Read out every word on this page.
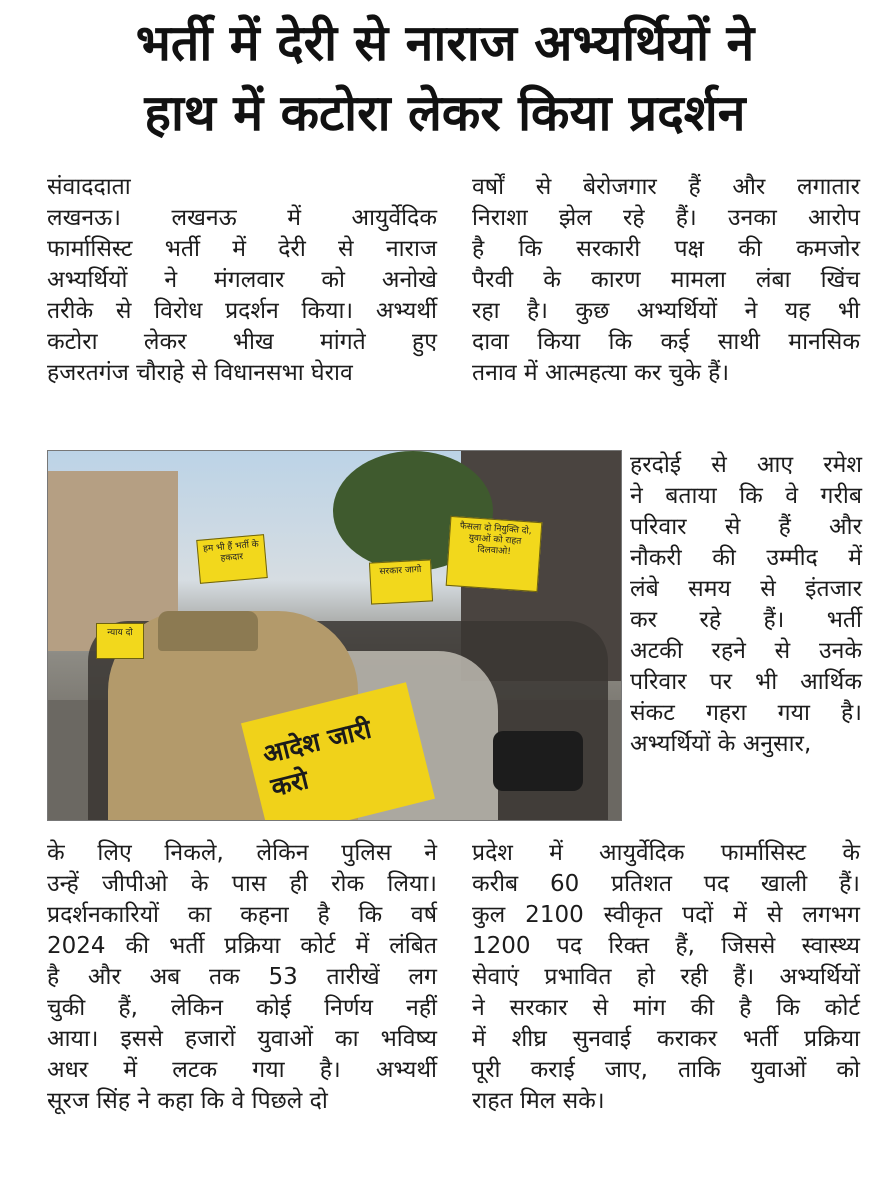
भर्ती में देरी से नाराज अभ्यर्थियों ने
हाथ में कटोरा लेकर किया प्रदर्शन
संवाददाता
लखनऊ। लखनऊ में आयुर्वेदिक
फार्मासिस्ट भर्ती में देरी से नाराज
अभ्यर्थियों ने मंगलवार को अनोखे
तरीके से विरोध प्रदर्शन किया। अभ्यर्थी
कटोरा लेकर भीख मांगते हुए
हजरतगंज चौराहे से विधानसभा घेराव
वर्षों से बेरोजगार हैं और लगातार
निराशा झेल रहे हैं। उनका आरोप
है कि सरकारी पक्ष की कमजोर
पैरवी के कारण मामला लंबा खिंच
रहा है। कुछ अभ्यर्थियों ने यह भी
दावा किया कि कई साथी मानसिक
तनाव में आत्महत्या कर चुके हैं।
हरदोई से आए रमेश
ने बताया कि वे गरीब
परिवार से हैं और
नौकरी की उम्मीद में
लंबे समय से इंतजार
कर रहे हैं। भर्ती
अटकी रहने से उनके
परिवार पर भी आर्थिक
संकट गहरा गया है।
अभ्यर्थियों के अनुसार,
के लिए निकले, लेकिन पुलिस ने
उन्हें जीपीओ के पास ही रोक लिया।
प्रदर्शनकारियों का कहना है कि वर्ष
2024 की भर्ती प्रक्रिया कोर्ट में लंबित
है और अब तक 53 तारीखें लग
चुकी हैं, लेकिन कोई निर्णय नहीं
आया। इससे हजारों युवाओं का भविष्य
अधर में लटक गया है। अभ्यर्थी
सूरज सिंह ने कहा कि वे पिछले दो
प्रदेश में आयुर्वेदिक फार्मासिस्ट के
करीब 60 प्रतिशत पद खाली हैं।
कुल 2100 स्वीकृत पदों में से लगभग
1200 पद रिक्त हैं, जिससे स्वास्थ्य
सेवाएं प्रभावित हो रही हैं। अभ्यर्थियों
ने सरकार से मांग की है कि कोर्ट
में शीघ्र सुनवाई कराकर भर्ती प्रक्रिया
पूरी कराई जाए, ताकि युवाओं को
राहत मिल सके।
फैसला दो नियुक्ति दो, युवाओं को राहत दिलवाओ!
हम भी हैं भर्ती के हकदार
सरकार जागो
न्याय दो
आदेश जारी करो
